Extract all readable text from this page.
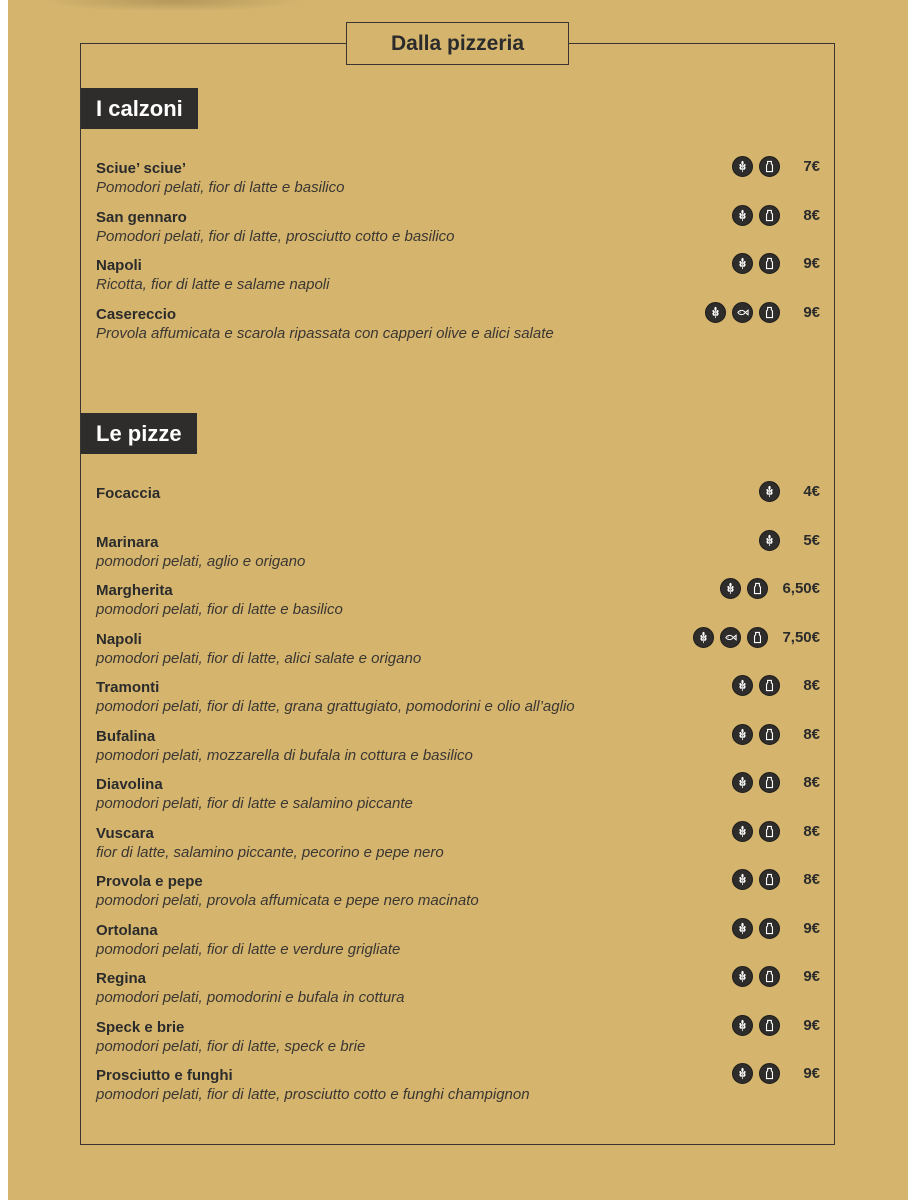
Dalla pizzeria
I calzoni
Sciue’ sciue’
Pomodori pelati, fior di latte e basilico
7€
San gennaro
Pomodori pelati, fior di latte, prosciutto cotto e basilico
8€
Napoli
Ricotta, fior di latte e salame napoli
9€
Casereccio
Provola affumicata e scarola ripassata con capperi olive e alici salate
9€
Le pizze
Focaccia	4€
Marinara
pomodori pelati, aglio e origano
5€
Margherita
pomodori pelati, fior di latte e basilico
6,50€
Napoli
pomodori pelati, fior di latte, alici salate e origano
7,50€
Tramonti
pomodori pelati, fior di latte, grana grattugiato, pomodorini e olio all’aglio
8€
Bufalina
pomodori pelati, mozzarella di bufala in cottura e basilico
8€
Diavolina
pomodori pelati, fior di latte e salamino piccante
8€
Vuscara
fior di latte, salamino piccante, pecorino e pepe nero
8€
Provola e pepe
pomodori pelati, provola affumicata e pepe nero macinato
8€
Ortolana
pomodori pelati, fior di latte e verdure grigliate
9€
Regina
pomodori pelati, pomodorini e bufala in cottura
9€
Speck e brie
pomodori pelati, fior di latte, speck e brie
9€
Prosciutto e funghi
pomodori pelati, fior di latte, prosciutto cotto e funghi champignon
9€
